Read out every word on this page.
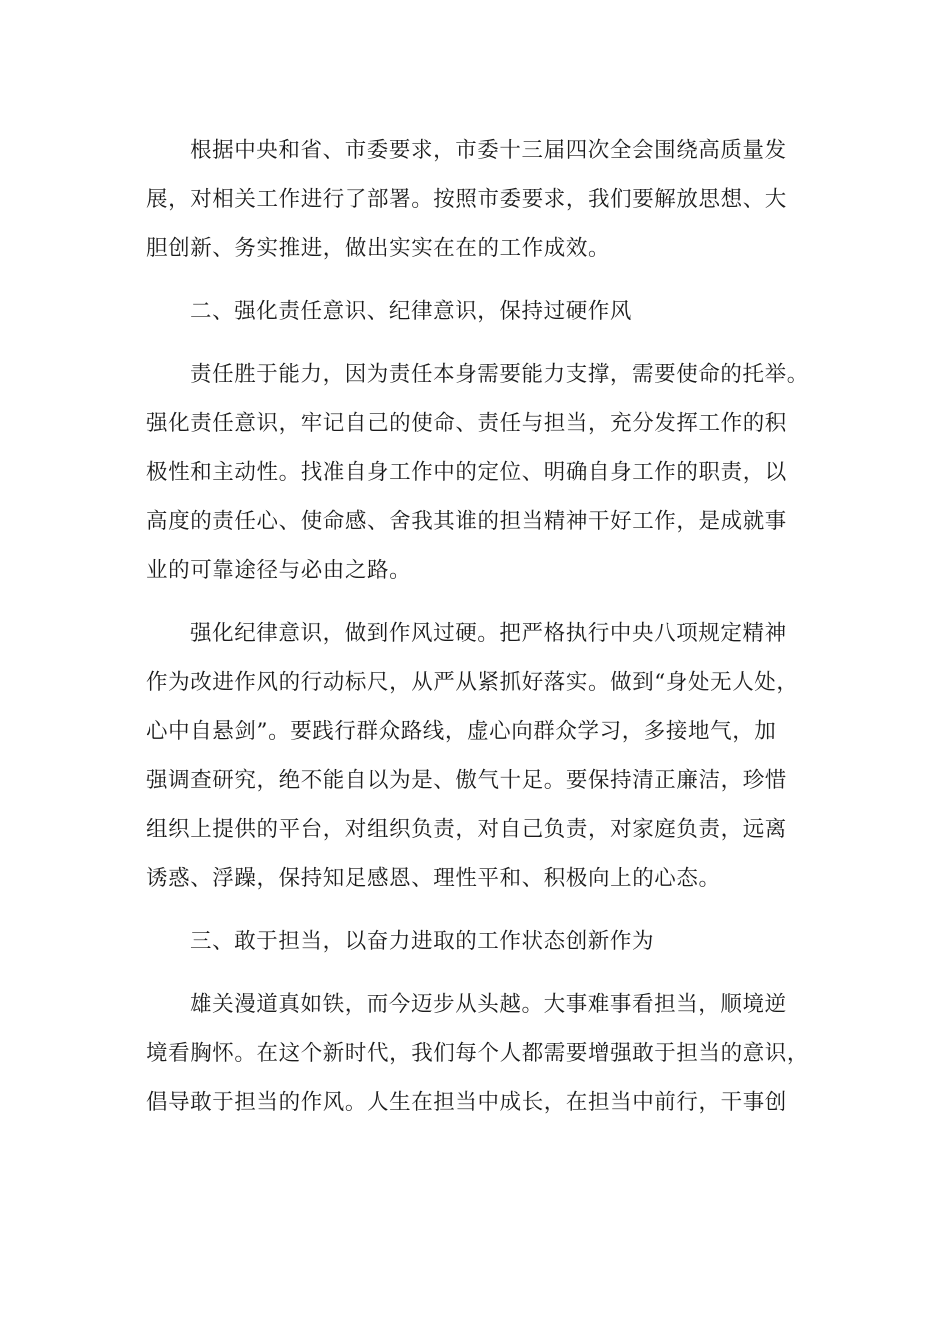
根据中央和省、市委要求，市委十三届四次全会围绕高质量发
展，对相关工作进行了部署。按照市委要求，我们要解放思想、大
胆创新、务实推进，做出实实在在的工作成效。
二、强化责任意识、纪律意识，保持过硬作风
责任胜于能力，因为责任本身需要能力支撑，需要使命的托举。
强化责任意识，牢记自己的使命、责任与担当，充分发挥工作的积
极性和主动性。找准自身工作中的定位、明确自身工作的职责，以
高度的责任心、使命感、舍我其谁的担当精神干好工作，是成就事
业的可靠途径与必由之路。
强化纪律意识，做到作风过硬。把严格执行中央八项规定精神
作为改进作风的行动标尺，从严从紧抓好落实。做到“身处无人处，
心中自悬剑”。要践行群众路线，虚心向群众学习，多接地气，加
强调查研究，绝不能自以为是、傲气十足。要保持清正廉洁，珍惜
组织上提供的平台，对组织负责，对自己负责，对家庭负责，远离
诱惑、浮躁，保持知足感恩、理性平和、积极向上的心态。
三、敢于担当，以奋力进取的工作状态创新作为
雄关漫道真如铁，而今迈步从头越。大事难事看担当，顺境逆
境看胸怀。在这个新时代，我们每个人都需要增强敢于担当的意识，
倡导敢于担当的作风。人生在担当中成长，在担当中前行，干事创
